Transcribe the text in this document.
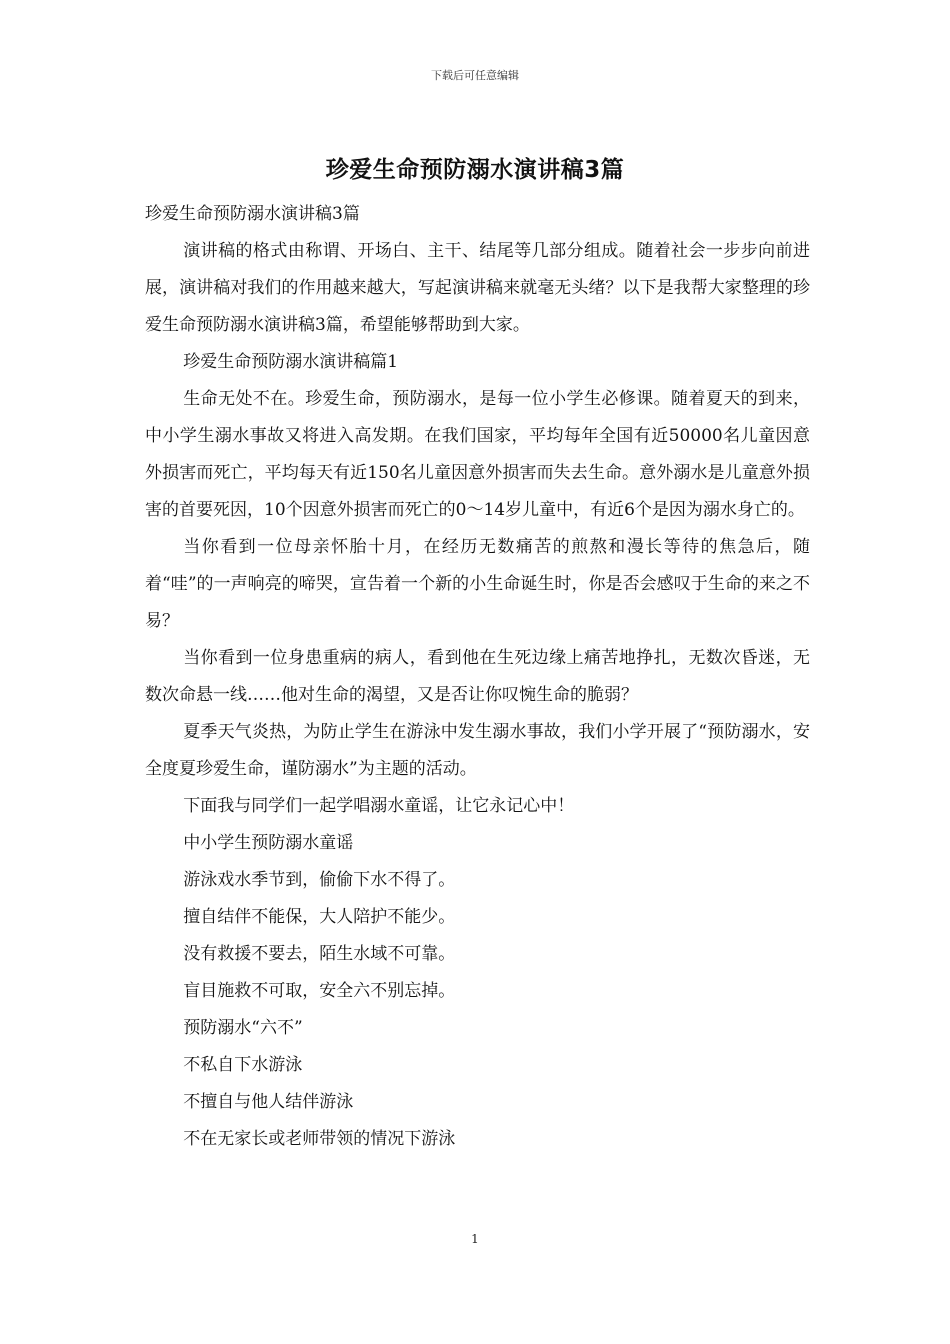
下载后可任意编辑
珍爱生命预防溺水演讲稿3篇

珍爱生命预防溺水演讲稿3篇

演讲稿的格式由称谓、开场白、主干、结尾等几部分组成。随着社会一步步向前进展，演讲稿对我们的作用越来越大，写起演讲稿来就毫无头绪？以下是我帮大家整理的珍爱生命预防溺水演讲稿3篇，希望能够帮助到大家。

珍爱生命预防溺水演讲稿篇1

生命无处不在。珍爱生命，预防溺水，是每一位小学生必修课。随着夏天的到来，中小学生溺水事故又将进入高发期。在我们国家，平均每年全国有近50000名儿童因意外损害而死亡，平均每天有近150名儿童因意外损害而失去生命。意外溺水是儿童意外损害的首要死因，10个因意外损害而死亡的0～14岁儿童中，有近6个是因为溺水身亡的。

当你看到一位母亲怀胎十月，在经历无数痛苦的煎熬和漫长等待的焦急后，随着“哇”的一声响亮的啼哭，宣告着一个新的小生命诞生时，你是否会感叹于生命的来之不易？

当你看到一位身患重病的病人，看到他在生死边缘上痛苦地挣扎，无数次昏迷，无数次命悬一线……他对生命的渴望，又是否让你叹惋生命的脆弱？

夏季天气炎热，为防止学生在游泳中发生溺水事故，我们小学开展了“预防溺水，安全度夏珍爱生命，谨防溺水”为主题的活动。

下面我与同学们一起学唱溺水童谣，让它永记心中！

中小学生预防溺水童谣

游泳戏水季节到，偷偷下水不得了。

擅自结伴不能保，大人陪护不能少。

没有救援不要去，陌生水域不可靠。

盲目施救不可取，安全六不别忘掉。

预防溺水“六不”

不私自下水游泳

不擅自与他人结伴游泳

不在无家长或老师带领的情况下游泳

1
